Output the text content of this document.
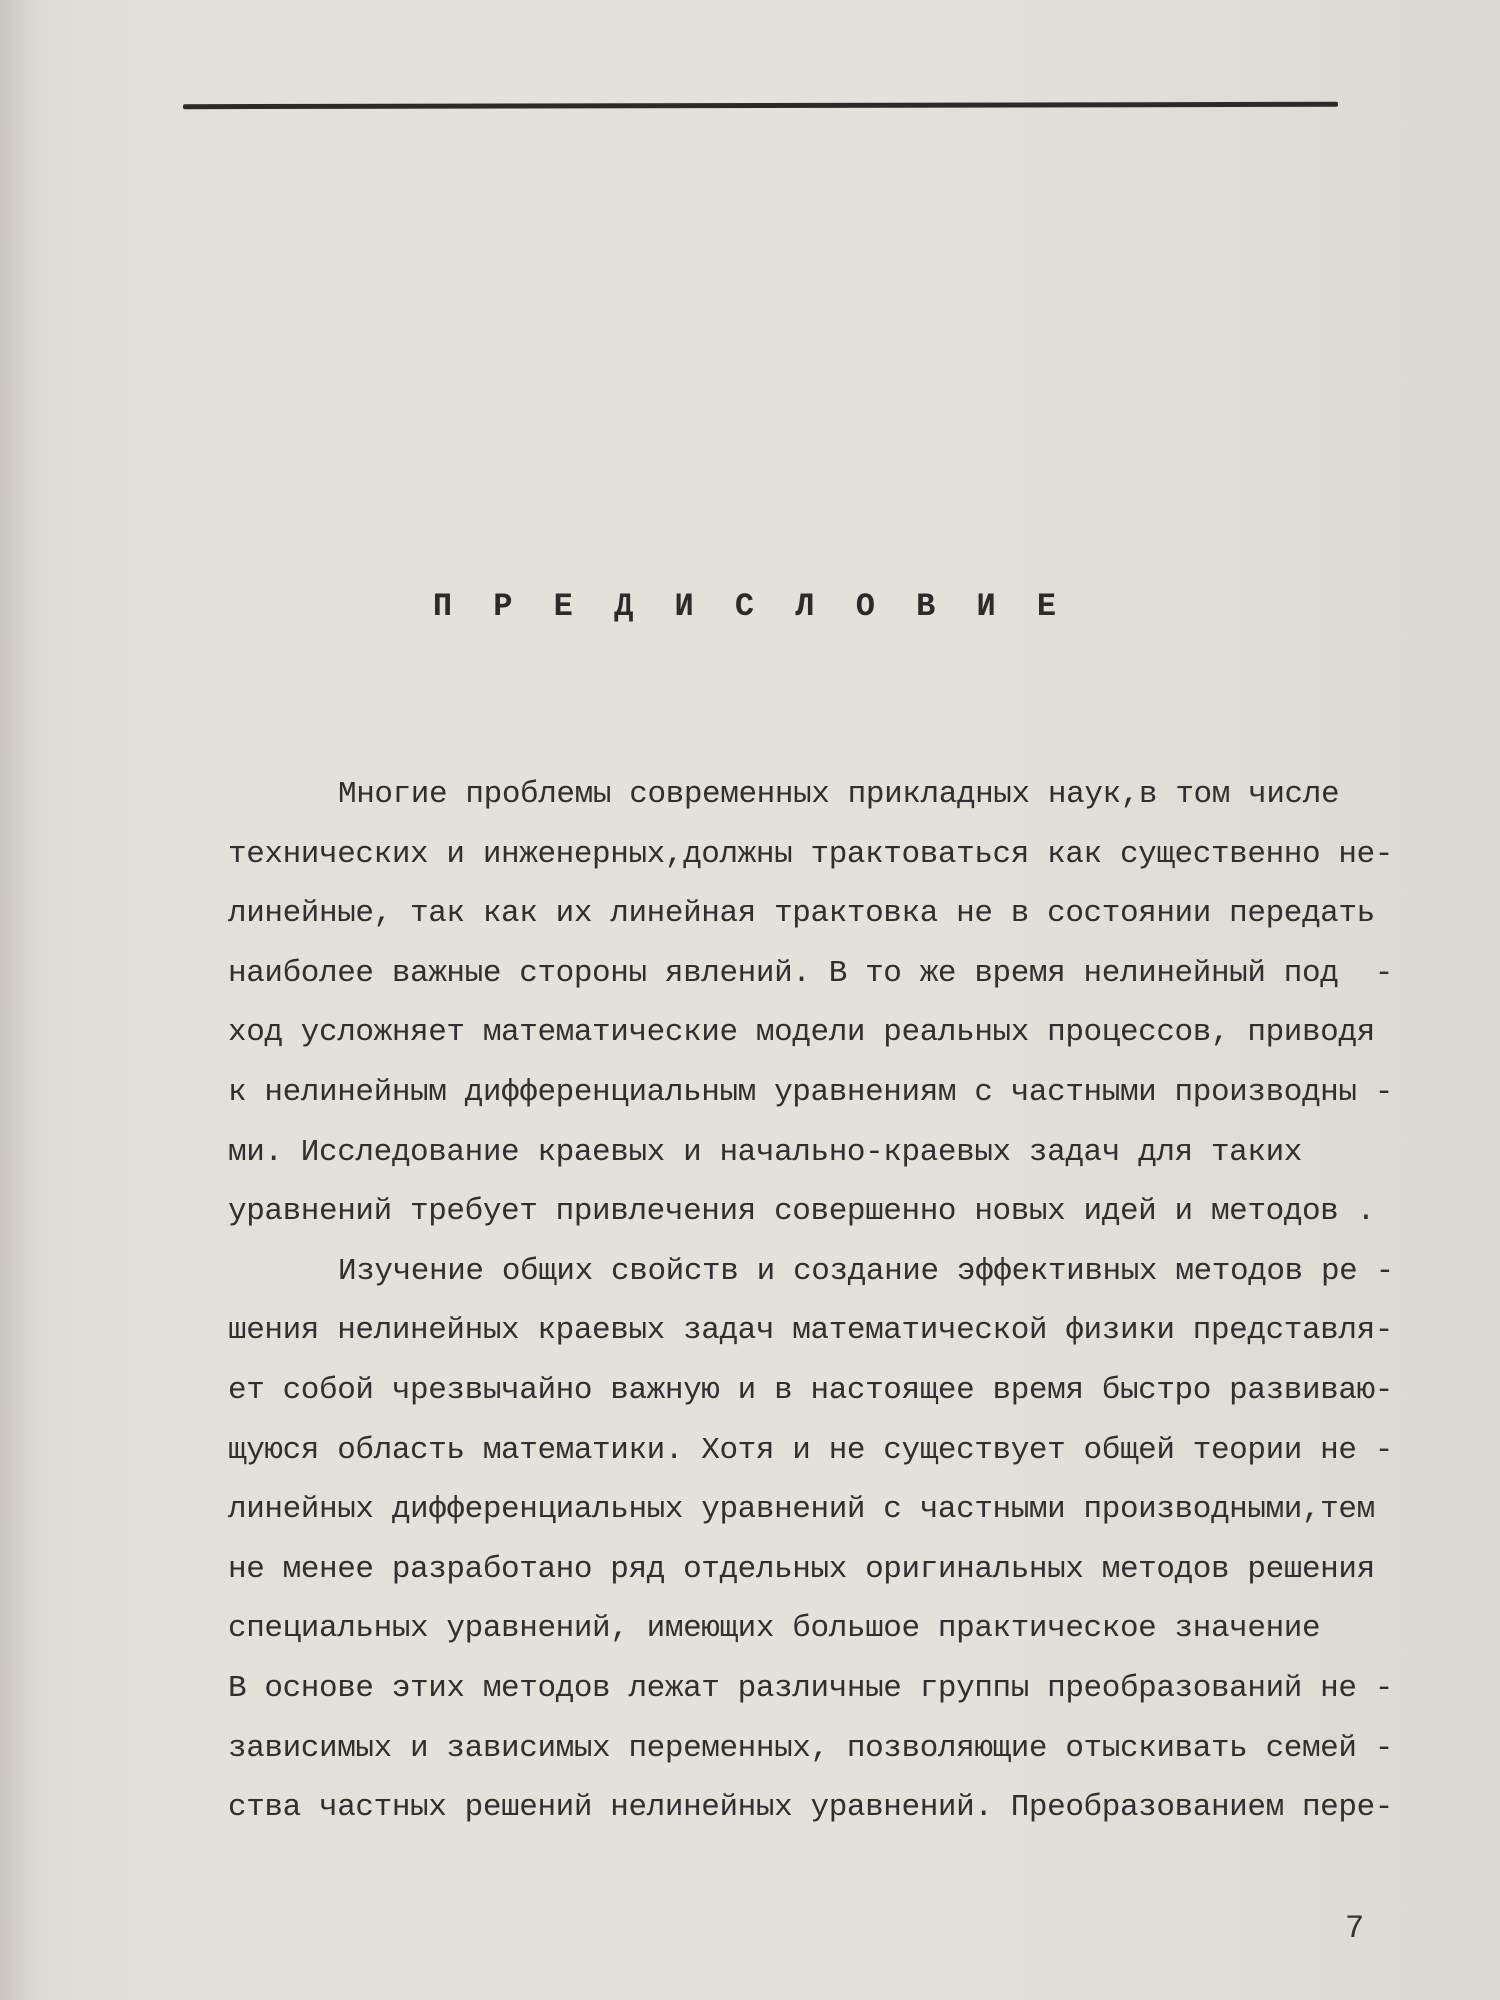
П Р Е Д И С Л О В И Е
Многие проблемы современных прикладных наук,в том числе
технических и инженерных,должны трактоваться как существенно не-
линейные, так как их линейная трактовка не в состоянии передать
наиболее важные стороны явлений. В то же время нелинейный под  -
ход усложняет математические модели реальных процессов, приводя
к нелинейным дифференциальным уравнениям с частными производны -
ми. Исследование краевых и начально-краевых задач для таких
уравнений требует привлечения совершенно новых идей и методов .
Изучение общих свойств и создание эффективных методов ре -
шения нелинейных краевых задач математической физики представля-
ет собой чрезвычайно важную и в настоящее время быстро развиваю-
щуюся область математики. Хотя и не существует общей теории не -
линейных дифференциальных уравнений с частными производными,тем
не менее разработано ряд отдельных оригинальных методов решения
специальных уравнений, имеющих большое практическое значение
В основе этих методов лежат различные группы преобразований не -
зависимых и зависимых переменных, позволяющие отыскивать семей -
ства частных решений нелинейных уравнений. Преобразованием пере-
7
